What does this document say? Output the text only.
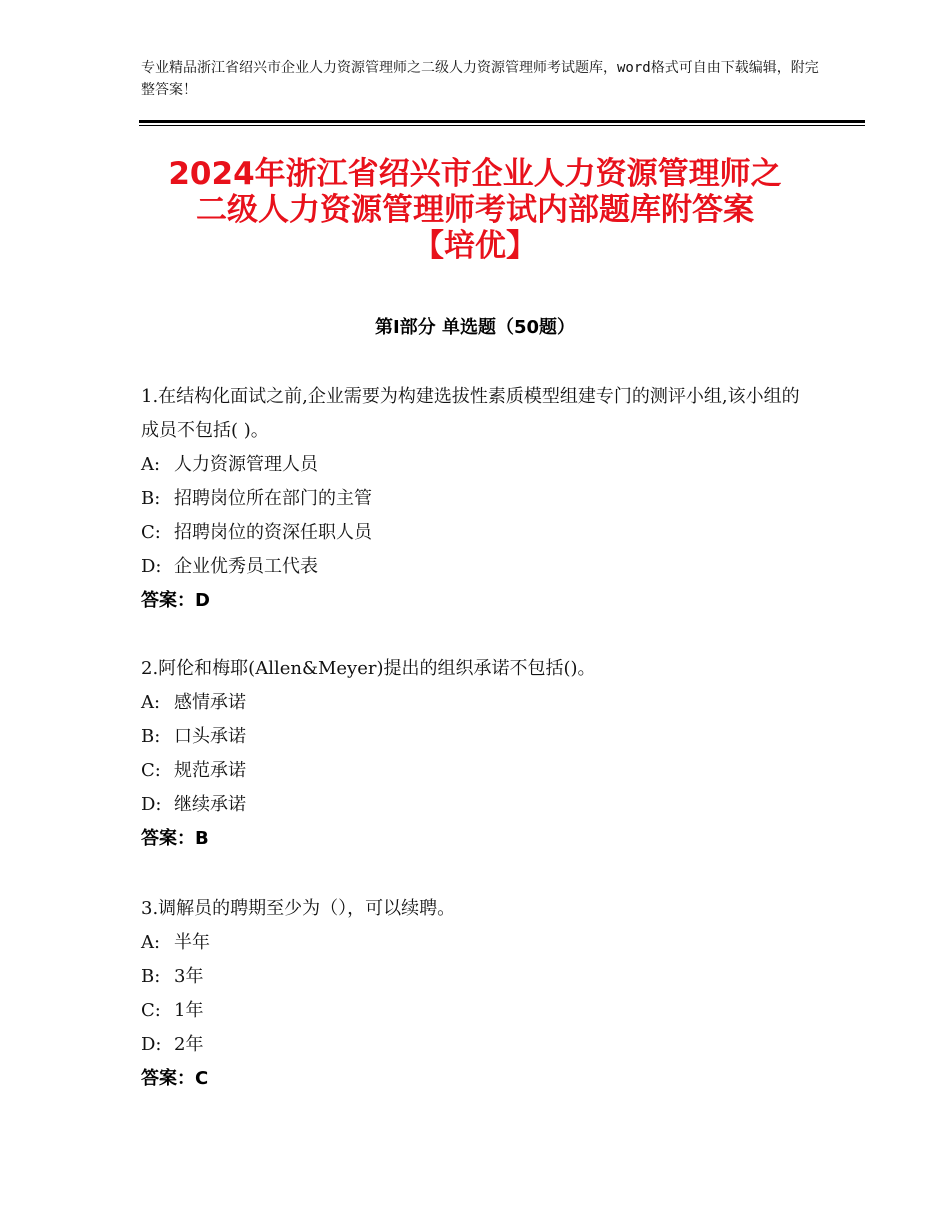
专业精品浙江省绍兴市企业人力资源管理师之二级人力资源管理师考试题库，word格式可自由下载编辑，附完整答案！
2024年浙江省绍兴市企业人力资源管理师之
二级人力资源管理师考试内部题库附答案
【培优】
第Ⅰ部分 单选题（50题）
1.在结构化面试之前,企业需要为构建选拔性素质模型组建专门的测评小组,该小组的成员不包括( )。
A: 人力资源管理人员
B: 招聘岗位所在部门的主管
C: 招聘岗位的资深任职人员
D: 企业优秀员工代表
答案：D
2.阿伦和梅耶(Allen&Meyer)提出的组织承诺不包括()。
A: 感情承诺
B: 口头承诺
C: 规范承诺
D: 继续承诺
答案：B
3.调解员的聘期至少为（），可以续聘。
A: 半年
B: 3年
C: 1年
D: 2年
答案：C
